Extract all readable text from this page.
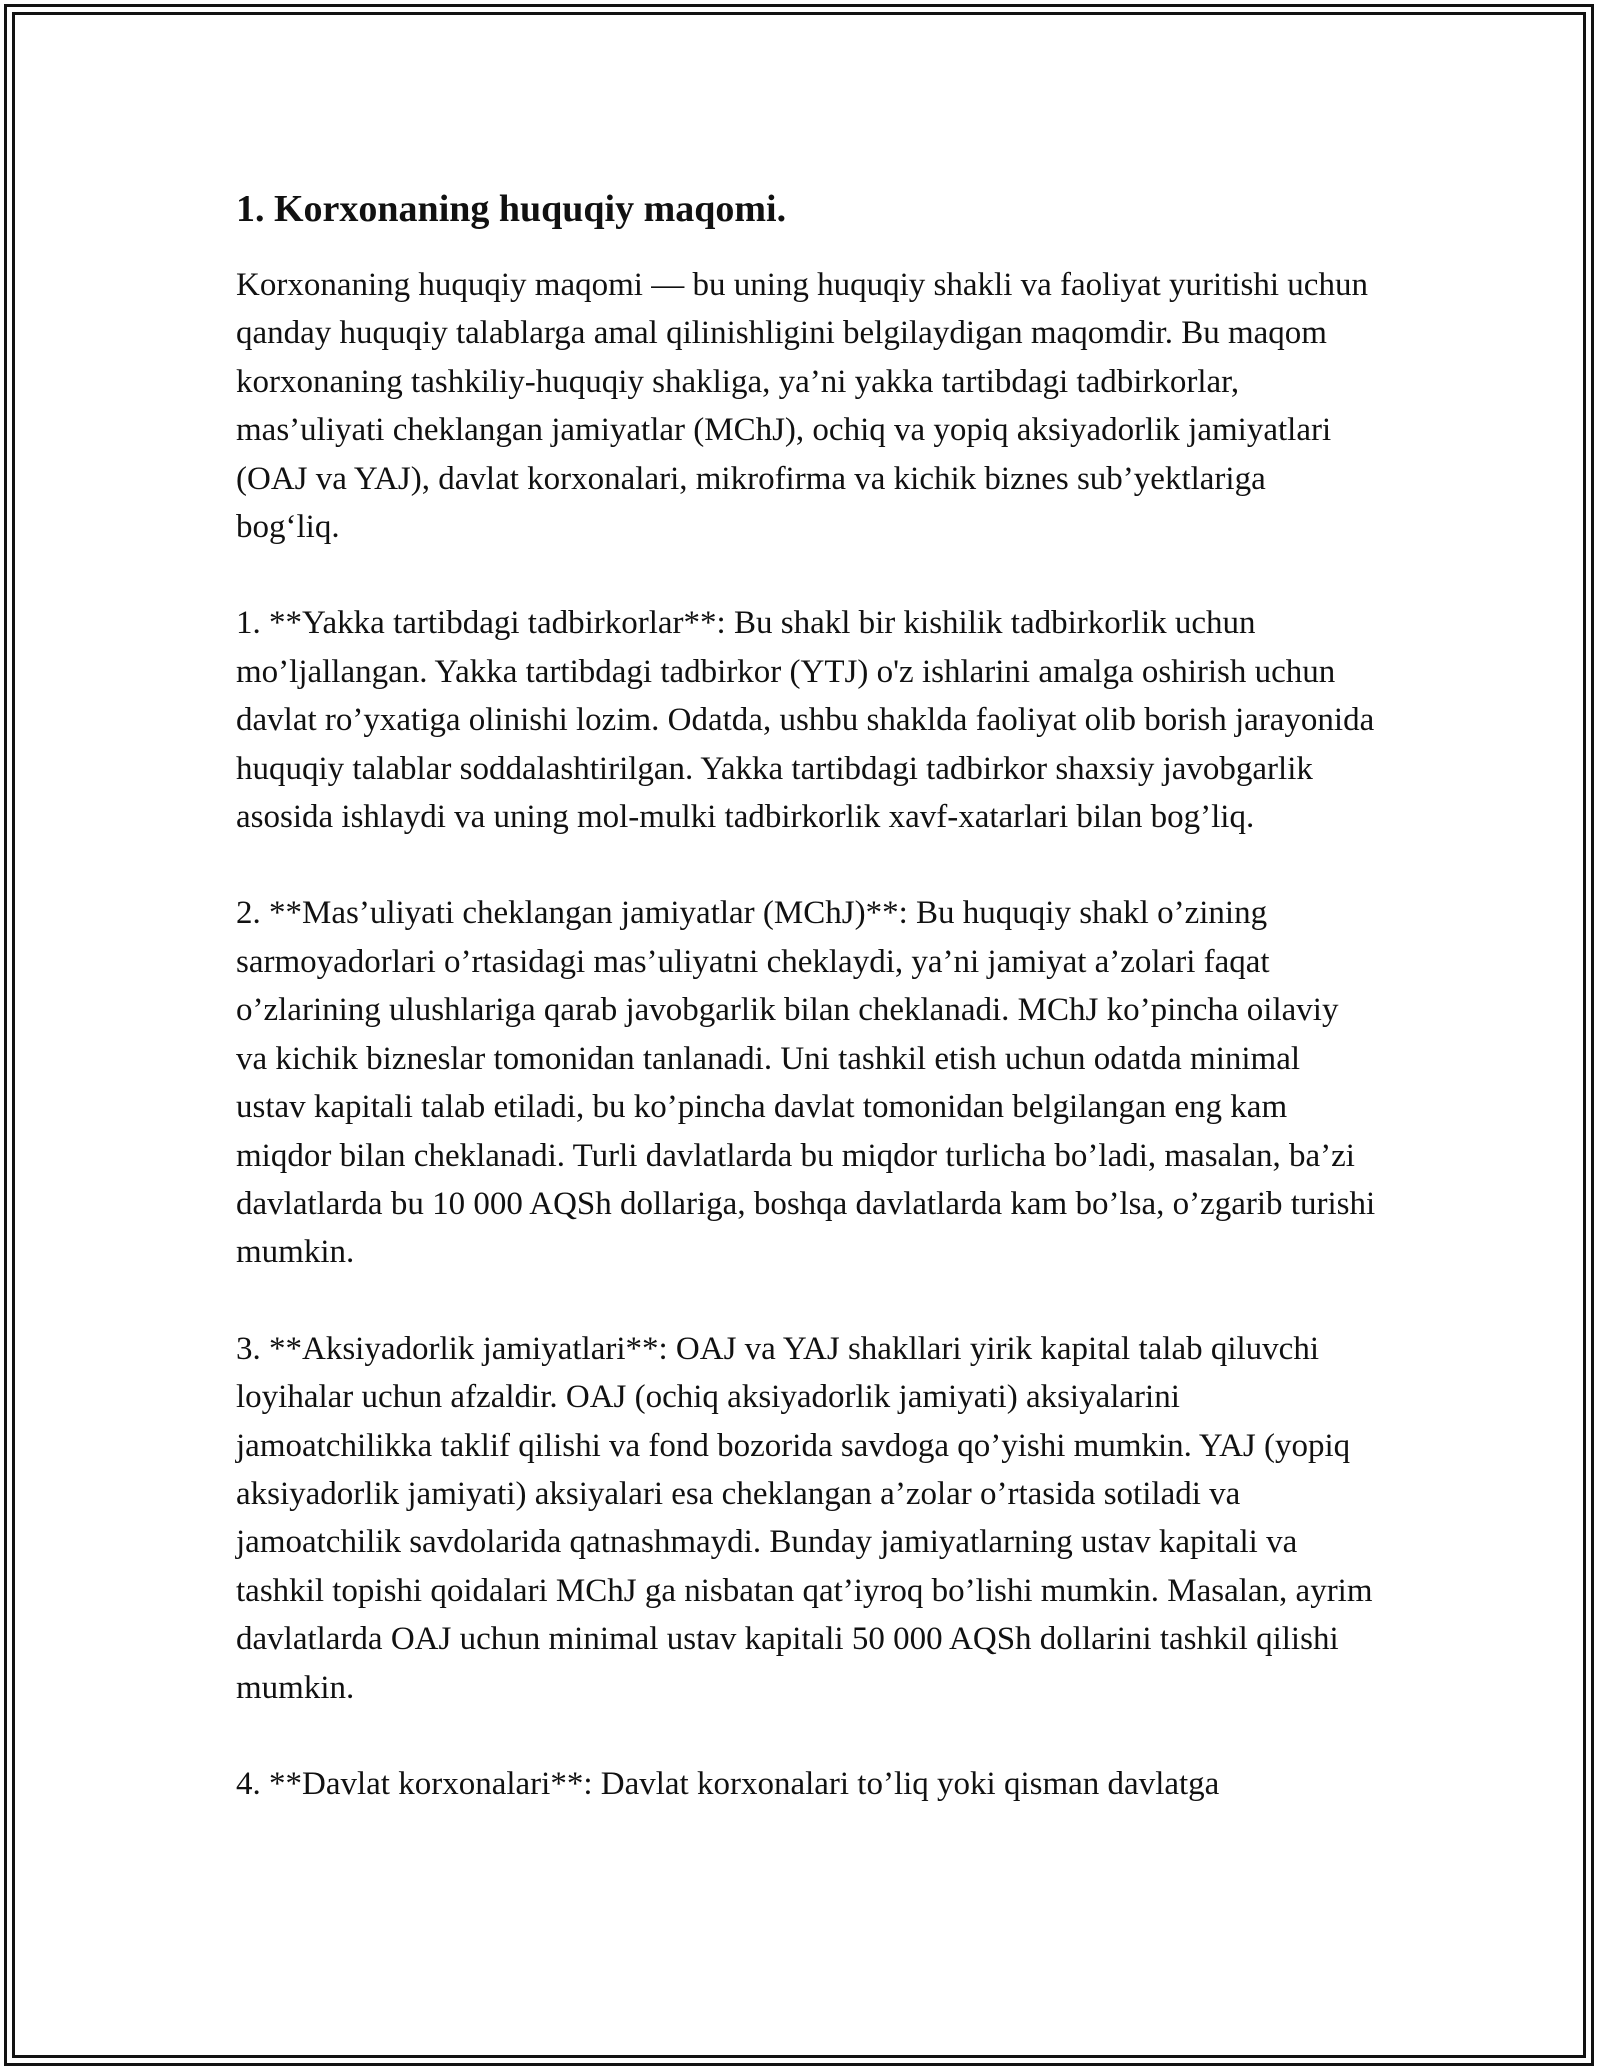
1. Korxonaning huquqiy maqomi.

Korxonaning huquqiy maqomi — bu uning huquqiy shakli va faoliyat yuritishi uchun qanday huquqiy talablarga amal qilinishligini belgilaydigan maqomdir. Bu maqom korxonaning tashkiliy-huquqiy shakliga, ya’ni yakka tartibdagi tadbirkorlar, mas’uliyati cheklangan jamiyatlar (MChJ), ochiq va yopiq aksiyadorlik jamiyatlari (OAJ va YAJ), davlat korxonalari, mikrofirma va kichik biznes sub’yektlariga bog‘liq.

1. **Yakka tartibdagi tadbirkorlar**: Bu shakl bir kishilik tadbirkorlik uchun mo’ljallangan. Yakka tartibdagi tadbirkor (YTJ) o'z ishlarini amalga oshirish uchun davlat ro’yxatiga olinishi lozim. Odatda, ushbu shaklda faoliyat olib borish jarayonida huquqiy talablar soddalashtirilgan. Yakka tartibdagi tadbirkor shaxsiy javobgarlik asosida ishlaydi va uning mol-mulki tadbirkorlik xavf-xatarlari bilan bog’liq.

2. **Mas’uliyati cheklangan jamiyatlar (MChJ)**: Bu huquqiy shakl o’zining sarmoyadorlari o’rtasidagi mas’uliyatni cheklaydi, ya’ni jamiyat a’zolari faqat o’zlarining ulushlariga qarab javobgarlik bilan cheklanadi. MChJ ko’pincha oilaviy va kichik bizneslar tomonidan tanlanadi. Uni tashkil etish uchun odatda minimal ustav kapitali talab etiladi, bu ko’pincha davlat tomonidan belgilangan eng kam miqdor bilan cheklanadi. Turli davlatlarda bu miqdor turlicha bo’ladi, masalan, ba’zi davlatlarda bu 10 000 AQSh dollariga, boshqa davlatlarda kam bo’lsa, o’zgarib turishi mumkin.

3. **Aksiyadorlik jamiyatlari**: OAJ va YAJ shakllari yirik kapital talab qiluvchi loyihalar uchun afzaldir. OAJ (ochiq aksiyadorlik jamiyati) aksiyalarini jamoatchilikka taklif qilishi va fond bozorida savdoga qo’yishi mumkin. YAJ (yopiq aksiyadorlik jamiyati) aksiyalari esa cheklangan a’zolar o’rtasida sotiladi va jamoatchilik savdolarida qatnashmaydi. Bunday jamiyatlarning ustav kapitali va tashkil topishi qoidalari MChJ ga nisbatan qat’iyroq bo’lishi mumkin. Masalan, ayrim davlatlarda OAJ uchun minimal ustav kapitali 50 000 AQSh dollarini tashkil qilishi mumkin.

4. **Davlat korxonalari**: Davlat korxonalari to’liq yoki qisman davlatga
